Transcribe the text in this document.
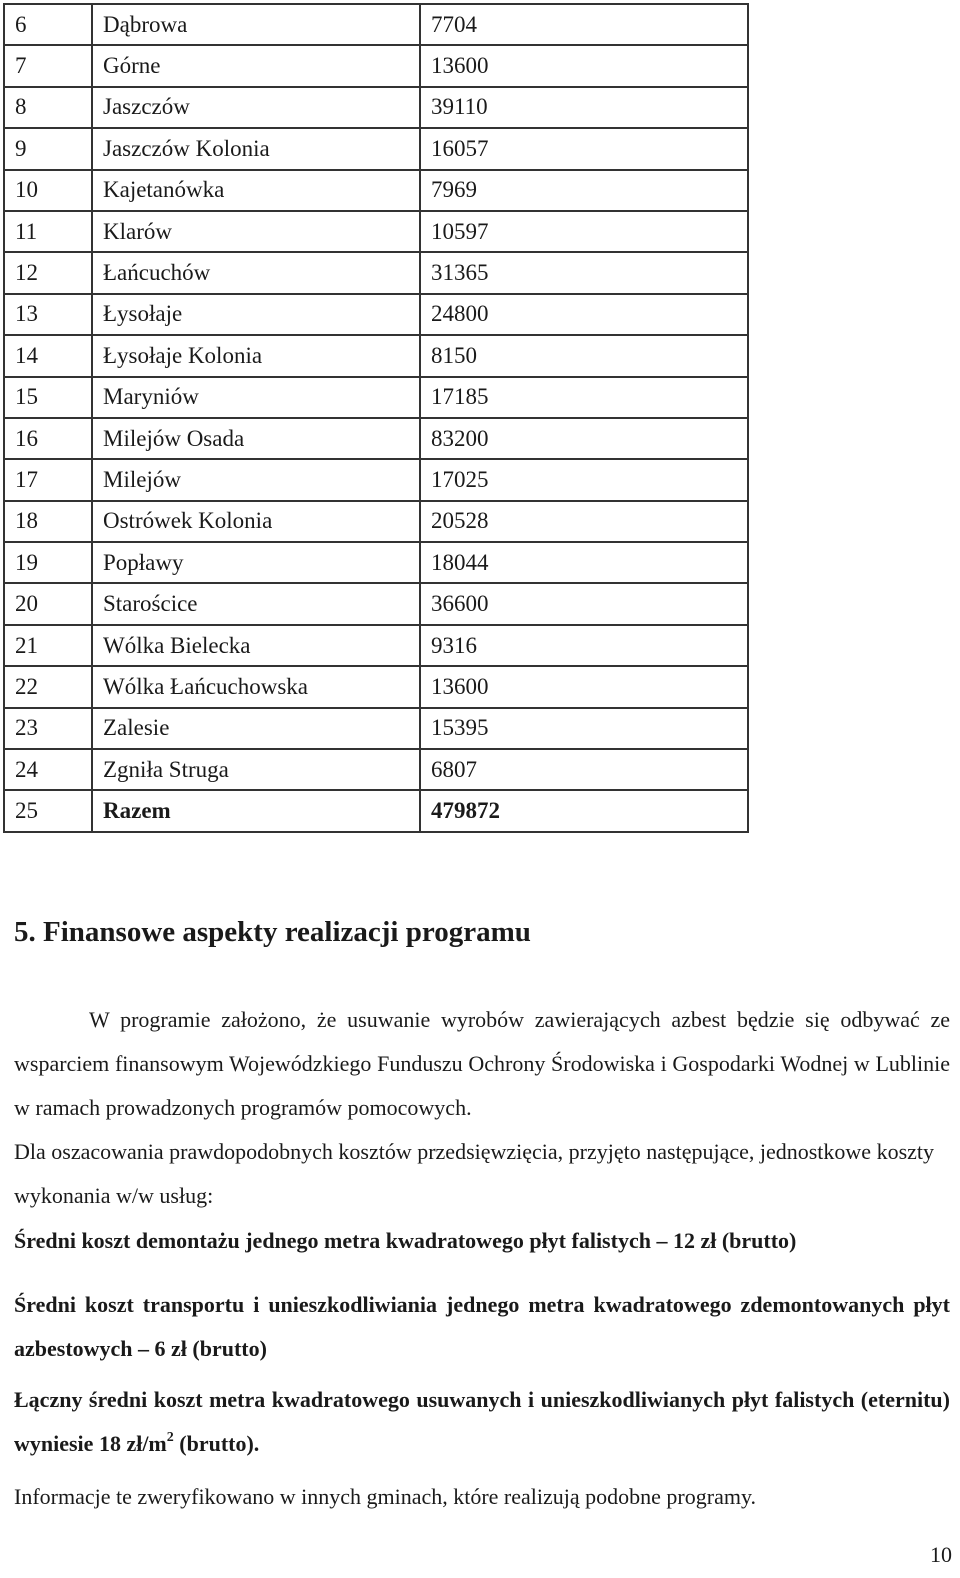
6	Dąbrowa	7704
7	Górne	13600
8	Jaszczów	39110
9	Jaszczów Kolonia	16057
10	Kajetanówka	7969
11	Klarów	10597
12	Łańcuchów	31365
13	Łysołaje	24800
14	Łysołaje Kolonia	8150
15	Maryniów	17185
16	Milejów Osada	83200
17	Milejów	17025
18	Ostrówek Kolonia	20528
19	Popławy	18044
20	Starościce	36600
21	Wólka Bielecka	9316
22	Wólka Łańcuchowska	13600
23	Zalesie	15395
24	Zgniła Struga	6807
25	Razem	479872
5. Finansowe aspekty realizacji programu

W programie założono, że usuwanie wyrobów zawierających azbest będzie się odbywać ze wsparciem finansowym Wojewódzkiego Funduszu Ochrony Środowiska i Gospodarki Wodnej w Lublinie w ramach prowadzonych programów pomocowych.

Dla oszacowania prawdopodobnych kosztów przedsięwzięcia, przyjęto następujące, jednostkowe koszty wykonania w/w usług:

Średni koszt demontażu jednego metra kwadratowego płyt falistych – 12 zł (brutto)

Średni koszt transportu i unieszkodliwiania jednego metra kwadratowego zdemontowanych płyt azbestowych – 6 zł (brutto)

Łączny średni koszt metra kwadratowego usuwanych i unieszkodliwianych płyt falistych (eternitu) wyniesie 18 $zł/m^2$ (brutto).

Informacje te zweryfikowano w innych gminach, które realizują podobne programy.

10
